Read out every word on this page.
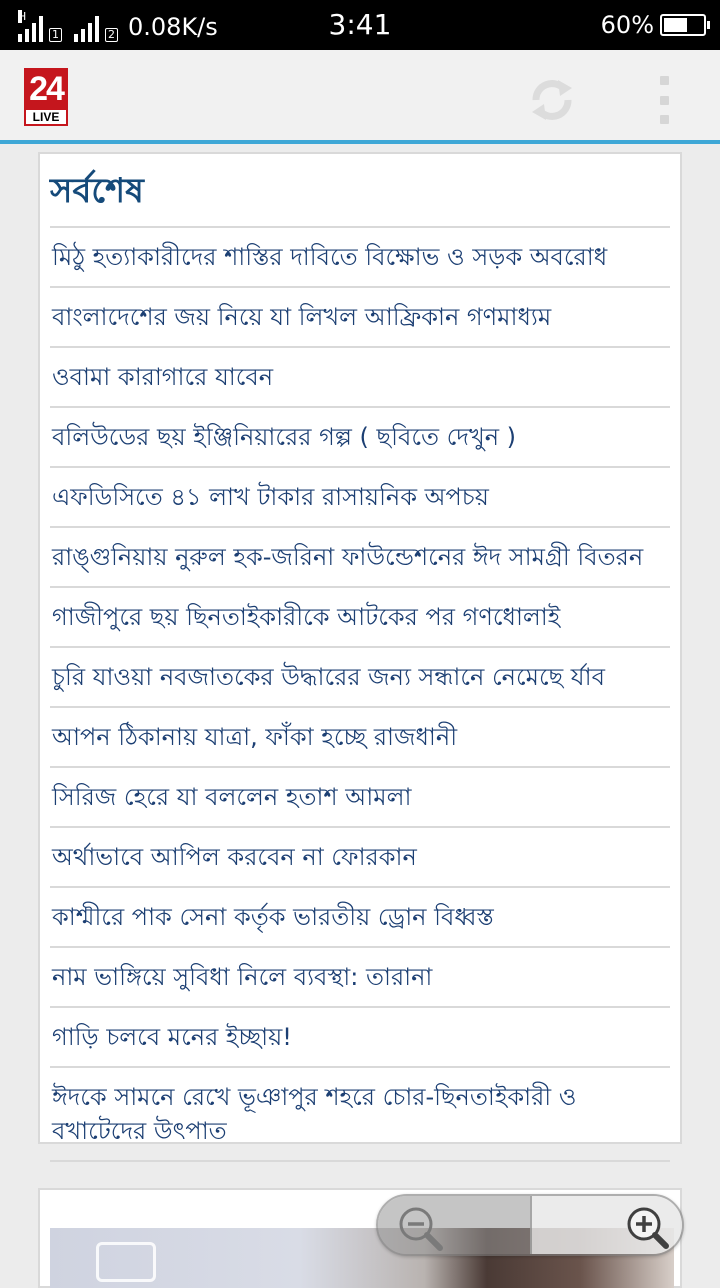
H
1	2 0.08K/s	3:41	60%
24
LIVE
সর্বশেষ
মিঠু হত্যাকারীদের শাস্তির দাবিতে বিক্ষোভ ও সড়ক অবরোধ
বাংলাদেশের জয় নিয়ে যা লিখল আফ্রিকান গণমাধ্যম
ওবামা কারাগারে যাবেন
বলিউডের ছয় ইঞ্জিনিয়ারের গল্প ( ছবিতে দেখুন )
এফডিসিতে ৪১ লাখ টাকার রাসায়নিক অপচয়
রাঙ্গুনিয়ায় নুরুল হক-জরিনা ফাউন্ডেশনের ঈদ সামগ্রী বিতরন
গাজীপুরে ছয় ছিনতাইকারীকে আটকের পর গণধোলাই
চুরি যাওয়া নবজাতকের উদ্ধারের জন্য সন্ধানে নেমেছে র্যাব
আপন ঠিকানায় যাত্রা, ফাঁকা হচ্ছে রাজধানী
সিরিজ হেরে যা বললেন হতাশ আমলা
অর্থাভাবে আপিল করবেন না ফোরকান
কাশ্মীরে পাক সেনা কর্তৃক ভারতীয় ড্রোন বিধ্বস্ত
নাম ভাঙ্গিয়ে সুবিধা নিলে ব্যবস্থা: তারানা
গাড়ি চলবে মনের ইচ্ছায়!
ঈদকে সামনে রেখে ভূঞাপুর শহরে চোর-ছিনতাইকারী ও বখাটেদের উৎপাত
